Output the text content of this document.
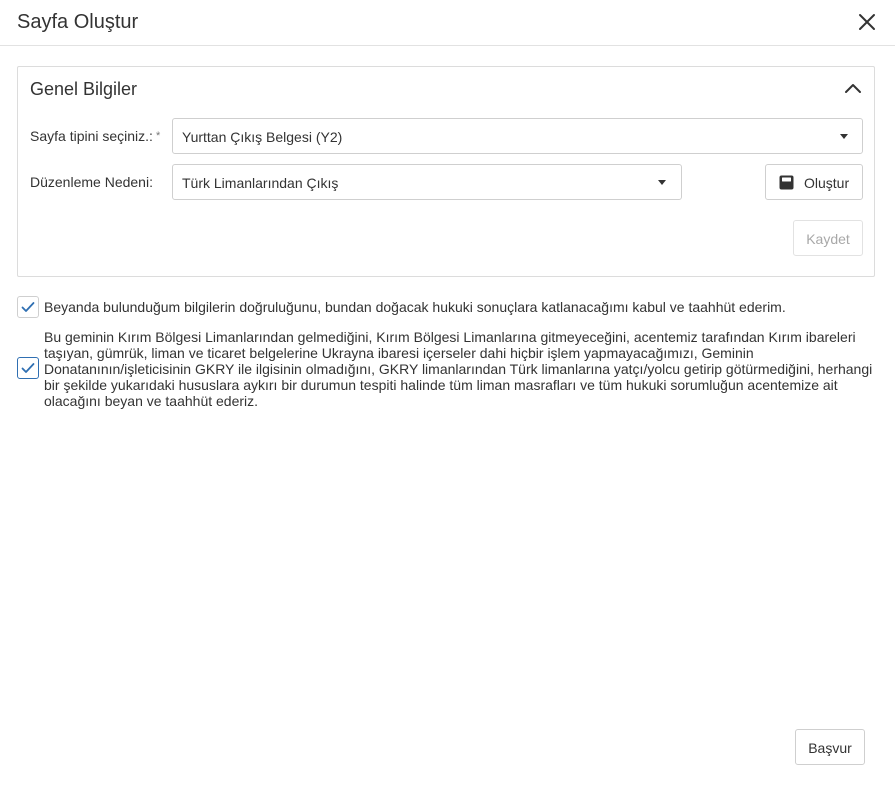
Sayfa Oluştur
Genel Bilgiler
Sayfa tipini seçiniz.: * Yurttan Çıkış Belgesi (Y2)
Düzenleme Nedeni: Türk Limanlarından Çıkış	Oluştur
Kaydet
Beyanda bulunduğum bilgilerin doğruluğunu, bundan doğacak hukuki sonuçlara katlanacağımı kabul ve taahhüt ederim.
Bu geminin Kırım Bölgesi Limanlarından gelmediğini, Kırım Bölgesi Limanlarına gitmeyeceğini, acentemiz tarafından Kırım ibareleri taşıyan, gümrük, liman ve ticaret belgelerine Ukrayna ibaresi içerseler dahi hiçbir işlem yapmayacağımızı, Geminin Donatanının/işleticisinin GKRY ile ilgisinin olmadığını, GKRY limanlarından Türk limanlarına yatçı/yolcu getirip götürmediğini, herhangi bir şekilde yukarıdaki hususlara aykırı bir durumun tespiti halinde tüm liman masrafları ve tüm hukuki sorumluğun acentemize ait olacağını beyan ve taahhüt ederiz.
Başvur
